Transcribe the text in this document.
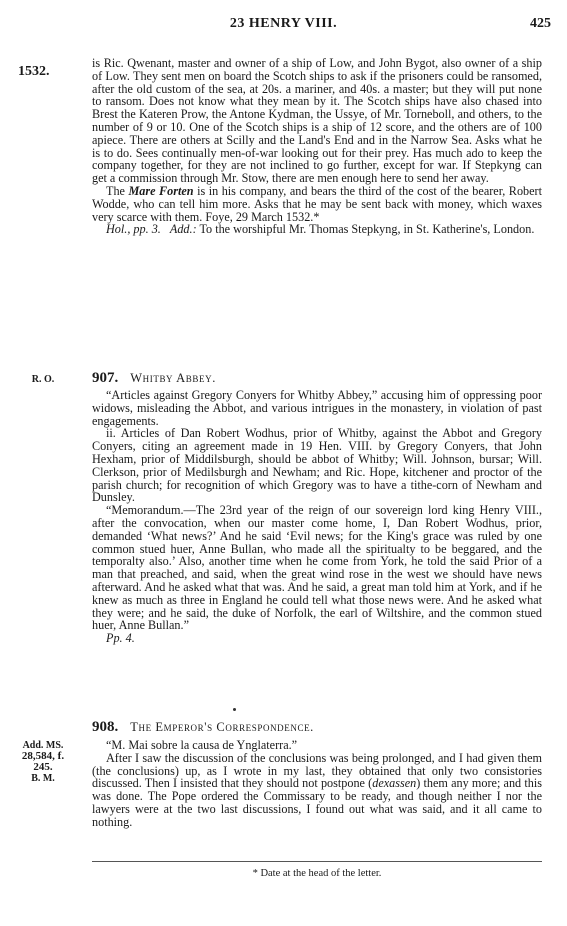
23 HENRY VIII.	425
1532.

is Ric. Qwenant, master and owner of a ship of Low, and John Bygot, also owner of a ship of Low. They sent men on board the Scotch ships to ask if the prisoners could be ransomed, after the old custom of the sea, at 20s. a mariner, and 40s. a master; but they will put none to ransom. Does not know what they mean by it. The Scotch ships have also chased into Brest the Kateren Prow, the Antone Kydman, the Ussye, of Mr. Torneboll, and others, to the number of 9 or 10. One of the Scotch ships is a ship of 12 score, and the others are of 100 apiece. There are others at Scilly and the Land's End and in the Narrow Sea. Asks what he is to do. Sees continually men-of-war looking out for their prey. Has much ado to keep the company together, for they are not inclined to go further, except for war. If Stepkyng can get a commission through Mr. Stow, there are men enough here to send her away.

The Mare Forten is in his company, and bears the third of the cost of the bearer, Robert Wodde, who can tell him more. Asks that he may be sent back with money, which waxes very scarce with them. Foye, 29 March 1532.*

Hol., pp. 3. Add.: To the worshipful Mr. Thomas Stepkyng, in St. Katherine's, London.

R. O.	907. Whitby Abbey.

“Articles against Gregory Conyers for Whitby Abbey,” accusing him of oppressing poor widows, misleading the Abbot, and various intrigues in the monastery, in violation of past engagements.

ii. Articles of Dan Robert Wodhus, prior of Whitby, against the Abbot and Gregory Conyers, citing an agreement made in 19 Hen. VIII. by Gregory Conyers, that John Hexham, prior of Middilsburgh, should be abbot of Whitby; Will. Johnson, bursar; Will. Clerkson, prior of Medilsburgh and Newham; and Ric. Hope, kitchener and proctor of the parish church; for recognition of which Gregory was to have a tithe-corn of Newham and Dunsley.

“Memorandum.—The 23rd year of the reign of our sovereign lord king Henry VIII., after the convocation, when our master come home, I, Dan Robert Wodhus, prior, demanded ‘What news?’ And he said ‘Evil news; for the King's grace was ruled by one common stued huer, Anne Bullan, who made all the spiritualty to be beggared, and the temporalty also.’ Also, another time when he come from York, he told the said Prior of a man that preached, and said, when the great wind rose in the west we should have news afterward. And he asked what that was. And he said, a great man told him at York, and if he knew as much as three in England he could tell what those news were. And he asked what they were; and he said, the duke of Norfolk, the earl of Wiltshire, and the common stued huer, Anne Bullan.”

Pp. 4.

908. The Emperor's Correspondence.
Add. MS.
28,584, f. 245.
B. M.

“M. Mai sobre la causa de Ynglaterra.”

After I saw the discussion of the conclusions was being prolonged, and I had given them (the conclusions) up, as I wrote in my last, they obtained that only two consistories discussed. Then I insisted that they should not postpone (dexassen) them any more; and this was done. The Pope ordered the Commissary to be ready, and though neither I nor the lawyers were at the two last discussions, I found out what was said, and it all came to nothing.

* Date at the head of the letter.
